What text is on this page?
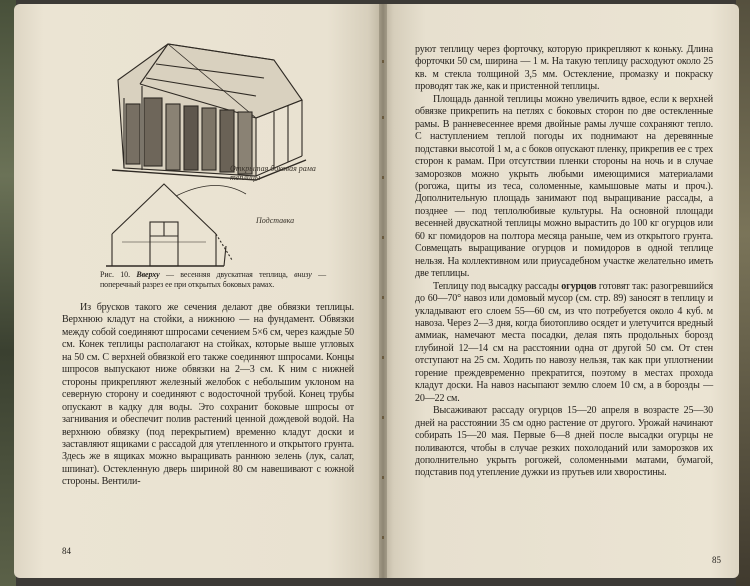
Открытая боковая рама теплицы
Подставка
Рис. 10. Вверху — весенняя двускатная теплица, внизу — поперечный разрез ее при открытых боковых рамах.

Из брусков такого же сечения делают две обвязки теплицы. Верхнюю кладут на стойки, а нижнюю — на фундамент. Обвязки между собой соединяют шпросами сечением 5×6 см, через каждые 50 см. Конек теплицы располагают на стойках, которые выше угловых на 50 см. С верхней обвязкой его также соединяют шпросами. Концы шпросов выпускают ниже обвязки на 2—3 см. К ним с нижней стороны прикрепляют железный желобок с небольшим уклоном на северную сторону и соединяют с водосточной трубой. Конец трубы опускают в кадку для воды. Это сохранит боковые шпросы от загнивания и обеспечит полив растений ценной дождевой водой. На верхнюю обвязку (под перекрытием) временно кладут доски и заставляют ящиками с рассадой для утепленного и открытого грунта. Здесь же в ящиках можно выращивать раннюю зелень (лук, салат, шпинат). Остекленную дверь шириной 80 см навешивают с южной стороны. Вентили-

84

руют теплицу через форточку, которую прикрепляют к коньку. Длина форточки 50 см, ширина — 1 м. На такую теплицу расходуют около 25 кв. м стекла толщиной 3,5 мм. Остекление, промазку и покраску проводят так же, как и пристенной теплицы.

Площадь данной теплицы можно увеличить вдвое, если к верхней обвязке прикрепить на петлях с боковых сторон по две остекленные рамы. В ранневесеннее время двойные рамы лучше сохраняют тепло. С наступлением теплой погоды их поднимают на деревянные подставки высотой 1 м, а с боков опускают пленку, прикрепив ее с трех сторон к рамам. При отсутствии пленки стороны на ночь и в случае заморозков можно укрыть любыми имеющимися материалами (рогожа, щиты из теса, соломенные, камышовые маты и проч.). Дополнительную площадь занимают под выращивание рассады, а позднее — под теплолюбивые культуры. На основной площади весенней двускатной теплицы можно вырастить до 100 кг огурцов или 60 кг помидоров на полтора месяца раньше, чем из открытого грунта. Совмещать выращивание огурцов и помидоров в одной теплице нельзя. На коллективном или приусадебном участке желательно иметь две теплицы.

Теплицу под высадку рассады огурцов готовят так: разогревшийся до 60—70° навоз или домовый мусор (см. стр. 89) заносят в теплицу и укладывают его слоем 55—60 см, из что потребуется около 4 куб. м навоза. Через 2—3 дня, когда биотопливо осядет и улетучится вредный аммиак, намечают места посадки, делая пять продольных борозд глубиной 12—14 см на расстоянии одна от другой 50 см. От стен отступают на 25 см. Ходить по навозу нельзя, так как при уплотнении горение преждевременно прекратится, поэтому в местах прохода кладут доски. На навоз насыпают землю слоем 10 см, а в борозды — 20—22 см.

Высаживают рассаду огурцов 15—20 апреля в возрасте 25—30 дней на расстоянии 35 см одно растение от другого. Урожай начинают собирать 15—20 мая. Первые 6—8 дней после высадки огурцы не поливаются, чтобы в случае резких похолоданий или заморозков их дополнительно укрыть рогожей, соломенными матами, бумагой, подставив под утепление дужки из прутьев или хворостины.

85
